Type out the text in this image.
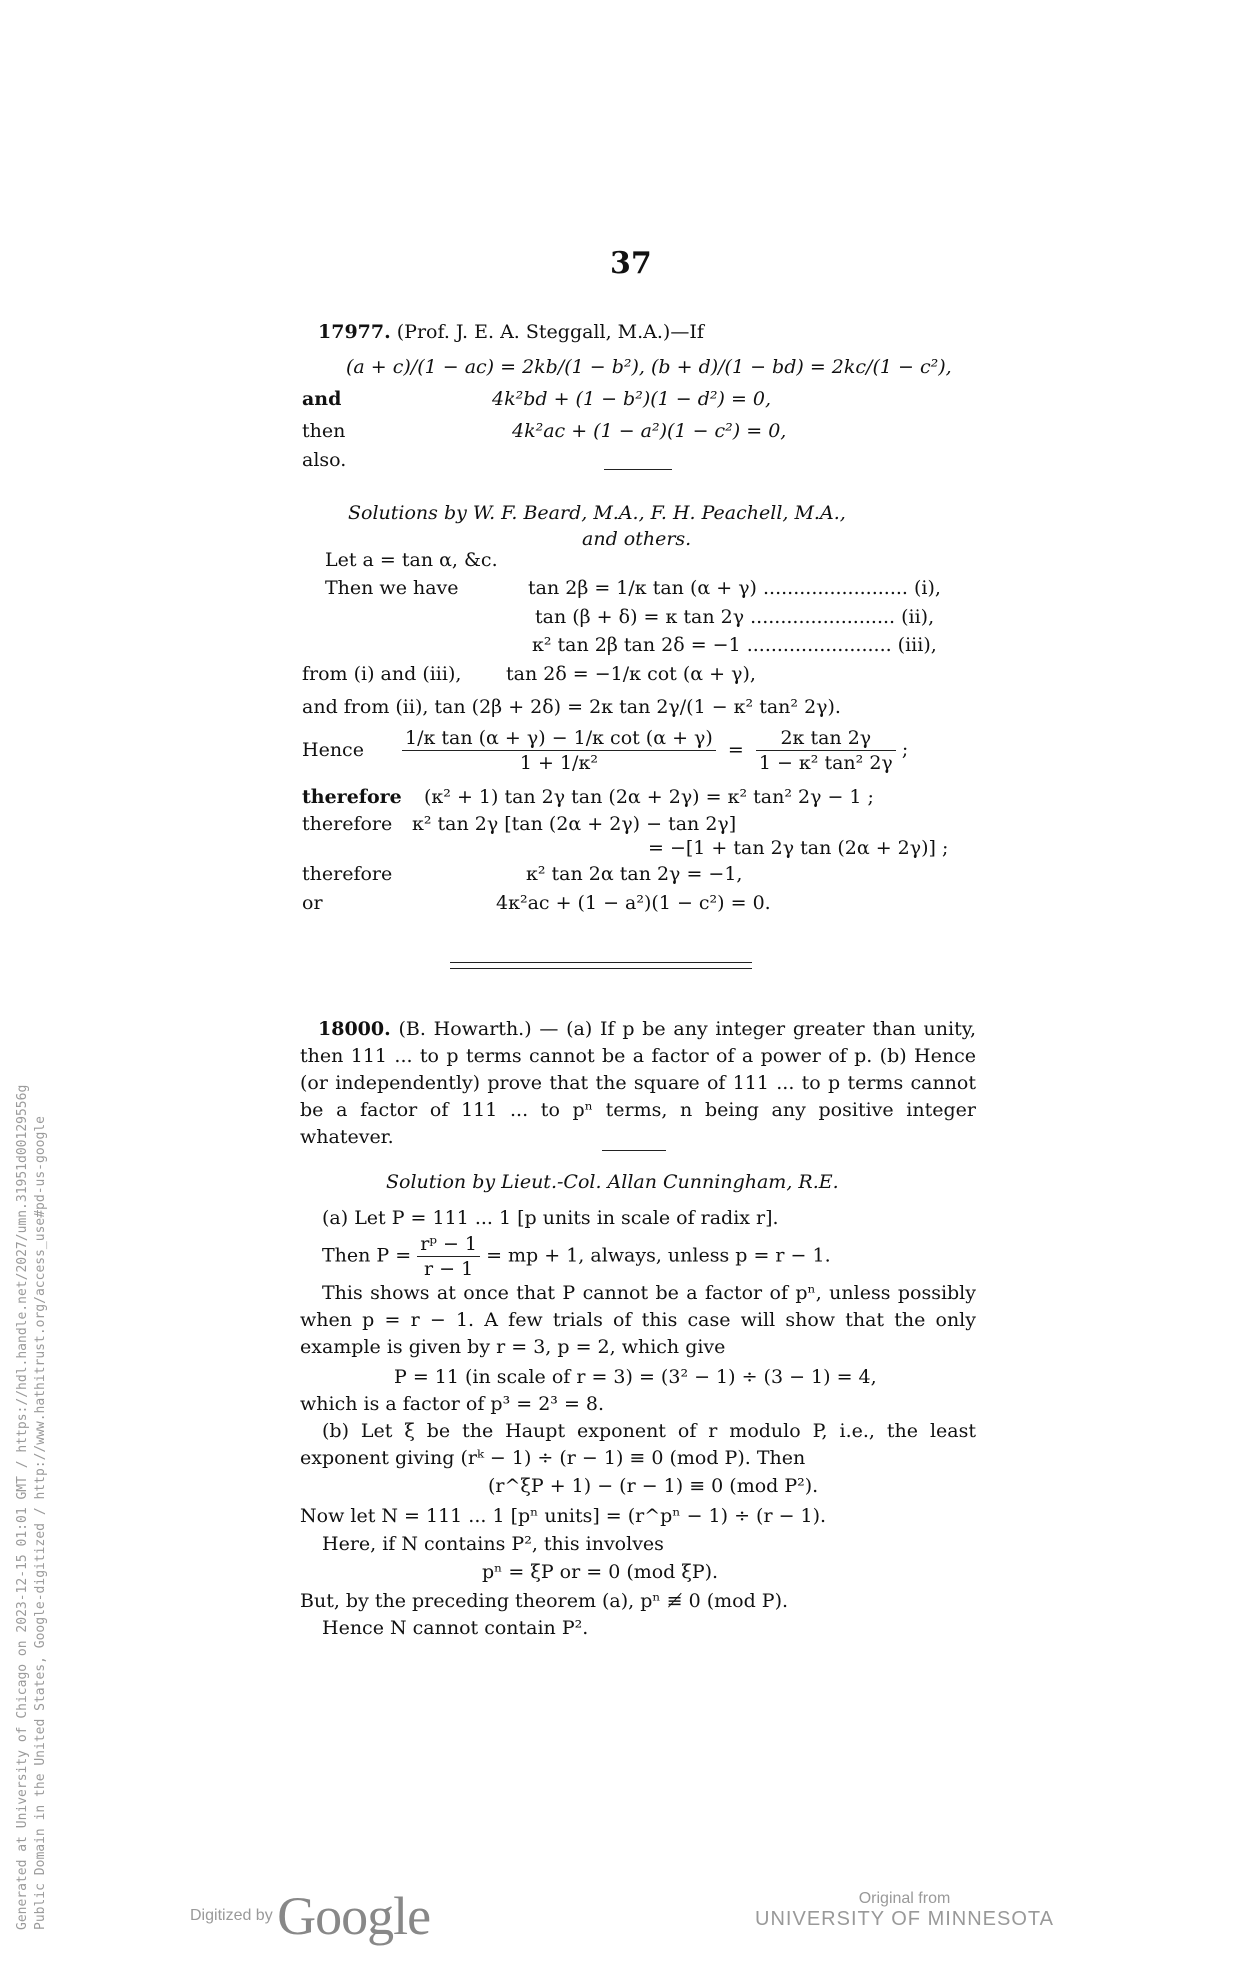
37
17977. (Prof. J. E. A. Steggall, M.A.)—If
(a + c)/(1 − ac) = 2kb/(1 − b²), (b + d)/(1 − bd) = 2kc/(1 − c²),
and	4k²bd + (1 − b²)(1 − d²) = 0,
then	4k²ac + (1 − a²)(1 − c²) = 0,
also.
Solutions by W. F. Beard, M.A., F. H. Peachell, M.A.,
and others.
Let a = tan α, &c.
Then we have	tan 2β = 1/κ tan (α + γ) ........................ (i),
tan (β + δ) = κ tan 2γ ........................ (ii),
κ² tan 2β tan 2δ = −1 ........................ (iii),
from (i) and (iii), tan 2δ = −1/κ cot (α + γ),
and from (ii), tan (2β + 2δ) = 2κ tan 2γ/(1 − κ² tan² 2γ).
Hence $\frac{\text{1/κ tan (α + γ) − 1/κ cot (α + γ)}}{\text{1 + 1/κ²}} = \frac{\text{2κ tan 2γ}}{\text{1 − κ² tan² 2γ}}$ ;
therefore (κ² + 1) tan 2γ tan (2α + 2γ) = κ² tan² 2γ − 1 ;
therefore κ² tan 2γ [tan (2α + 2γ) − tan 2γ]
= −[1 + tan 2γ tan (2α + 2γ)] ;
therefore	κ² tan 2α tan 2γ = −1,
or	4κ²ac + (1 − a²)(1 − c²) = 0.
18000. (B. Howarth.) — (a) If p be any integer greater than unity, then 111 ... to p terms cannot be a factor of a power of p. (b) Hence (or independently) prove that the square of 111 ... to p terms cannot be a factor of 111 ... to pⁿ terms, n being any positive integer whatever.
Solution by Lieut.-Col. Allan Cunningham, R.E.
(a) Let P = 111 ... 1 [p units in scale of radix r].
Then $P = \frac{\text{rᵖ − 1}}{r - 1}$ = mp + 1, always, unless p = r − 1.
This shows at once that P cannot be a factor of pⁿ, unless possibly when p = r − 1. A few trials of this case will show that the only example is given by r = 3, p = 2, which give
P = 11 (in scale of r = 3) = (3² − 1) ÷ (3 − 1) = 4,
which is a factor of p³ = 2³ = 8.
(b) Let ξ be the Haupt exponent of r modulo P, i.e., the least exponent giving (rᵏ − 1) ÷ (r − 1) ≡ 0 (mod P). Then
(r^ξP + 1) − (r − 1) ≡ 0 (mod P²).
Now let N = 111 ... 1 [pⁿ units] = (r^pⁿ − 1) ÷ (r − 1).
Here, if N contains P², this involves
pⁿ = ξP or = 0 (mod ξP).
But, by the preceding theorem (a), pⁿ ≢ 0 (mod P).
Hence N cannot contain P².
Generated at University of Chicago on 2023-12-15 01:01 GMT / https://hdl.handle.net/2027/umn.31951d00129556g Public Domain in the United States, Google-digitized / http://www.hathitrust.org/access_use#pd-us-google	Digitized by Google	Original from
UNIVERSITY OF MINNESOTA
